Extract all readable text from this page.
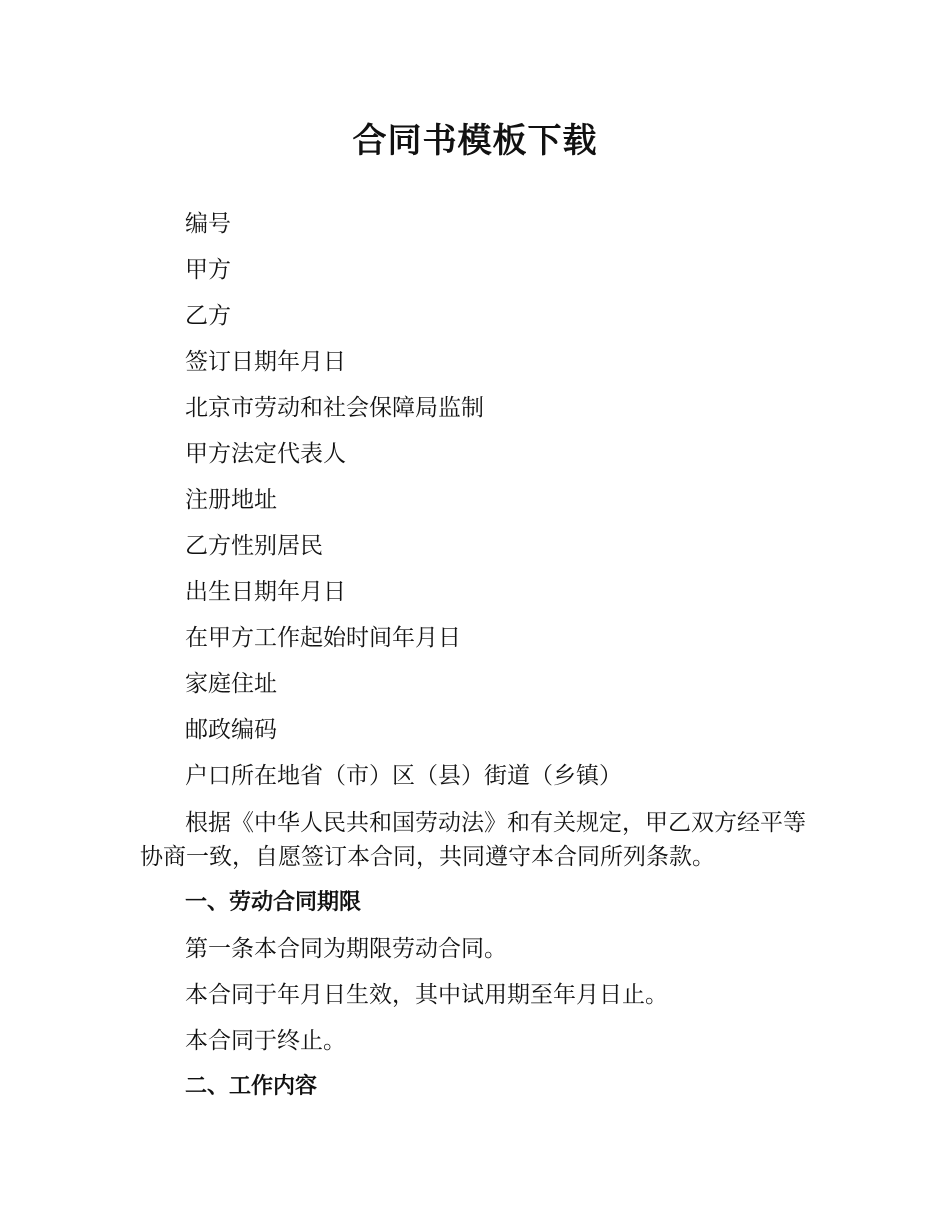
合同书模板下载

编号

甲方

乙方

签订日期年月日

北京市劳动和社会保障局监制

甲方法定代表人

注册地址

乙方性别居民

出生日期年月日

在甲方工作起始时间年月日

家庭住址

邮政编码

户口所在地省（市）区（县）街道（乡镇）

根据《中华人民共和国劳动法》和有关规定，甲乙双方经平等协商一致，自愿签订本合同，共同遵守本合同所列条款。

一、劳动合同期限

第一条本合同为期限劳动合同。

本合同于年月日生效，其中试用期至年月日止。

本合同于终止。

二、工作内容
